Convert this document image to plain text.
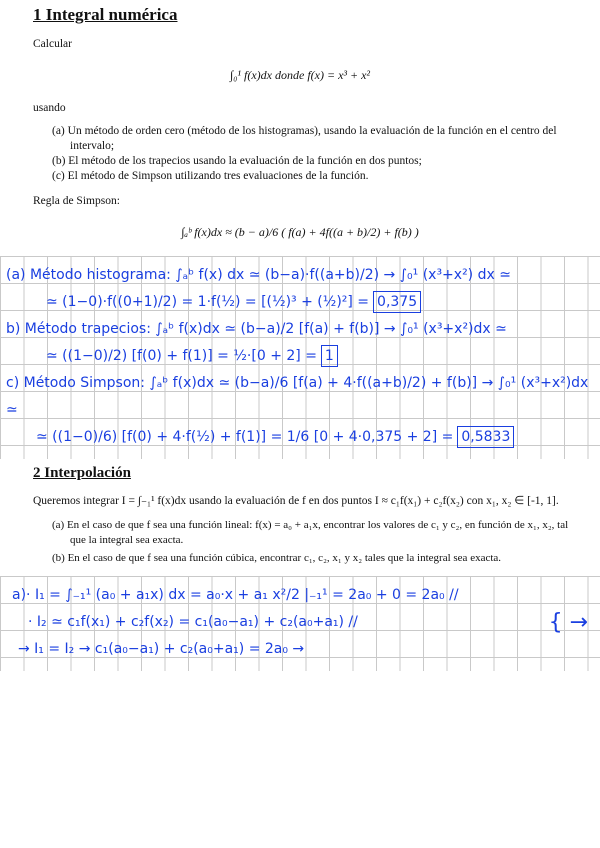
1 Integral numérica
Calcular
∫₀¹ f(x)dx donde f(x) = x³ + x²
usando
(a) Un método de orden cero (método de los histogramas), usando la evaluación de la función en el centro del intervalo;
(b) El método de los trapecios usando la evaluación de la función en dos puntos;
(c) El método de Simpson utilizando tres evaluaciones de la función.
Regla de Simpson:
∫ₐᵇ f(x)dx ≈ (b − a)/6 ( f(a) + 4f((a + b)/2) + f(b) )
(a) Método histograma: ∫ₐᵇ f(x) dx ≃ (b−a)·f((a+b)/2) → ∫₀¹ (x³+x²) dx ≃
≃ (1−0)·f((0+1)/2) = 1·f(½) = [(½)³ + (½)²] = 0,375
b) Método trapecios: ∫ₐᵇ f(x)dx ≃ (b−a)/2 [f(a) + f(b)] → ∫₀¹ (x³+x²)dx ≃
≃ ((1−0)/2) [f(0) + f(1)] = ½·[0 + 2] = 1
c) Método Simpson: ∫ₐᵇ f(x)dx ≃ (b−a)/6 [f(a) + 4·f((a+b)/2) + f(b)] → ∫₀¹ (x³+x²)dx ≃
≃ ((1−0)/6) [f(0) + 4·f(½) + f(1)] = 1/6 [0 + 4·0,375 + 2] = 0,5833
2 Interpolación
Queremos integrar I = ∫₋₁¹ f(x)dx usando la evaluación de f en dos puntos I ≈ c₁f(x₁) + c₂f(x₂) con x₁, x₂ ∈ [-1, 1].
(a) En el caso de que f sea una función lineal: f(x) = a₀ + a₁x, encontrar los valores de c₁ y c₂, en función de x₁, x₂, tal que la integral sea exacta.
(b) En el caso de que f sea una función cúbica, encontrar c₁, c₂, x₁ y x₂ tales que la integral sea exacta.
a)· I₁ = ∫₋₁¹ (a₀ + a₁x) dx = a₀·x + a₁ x²/2 |₋₁¹ = 2a₀ + 0 = 2a₀ //
· I₂ ≃ c₁f(x₁) + c₂f(x₂) = c₁(a₀−a₁) + c₂(a₀+a₁) //
→ I₁ = I₂ → c₁(a₀−a₁) + c₂(a₀+a₁) = 2a₀ →
{ →
